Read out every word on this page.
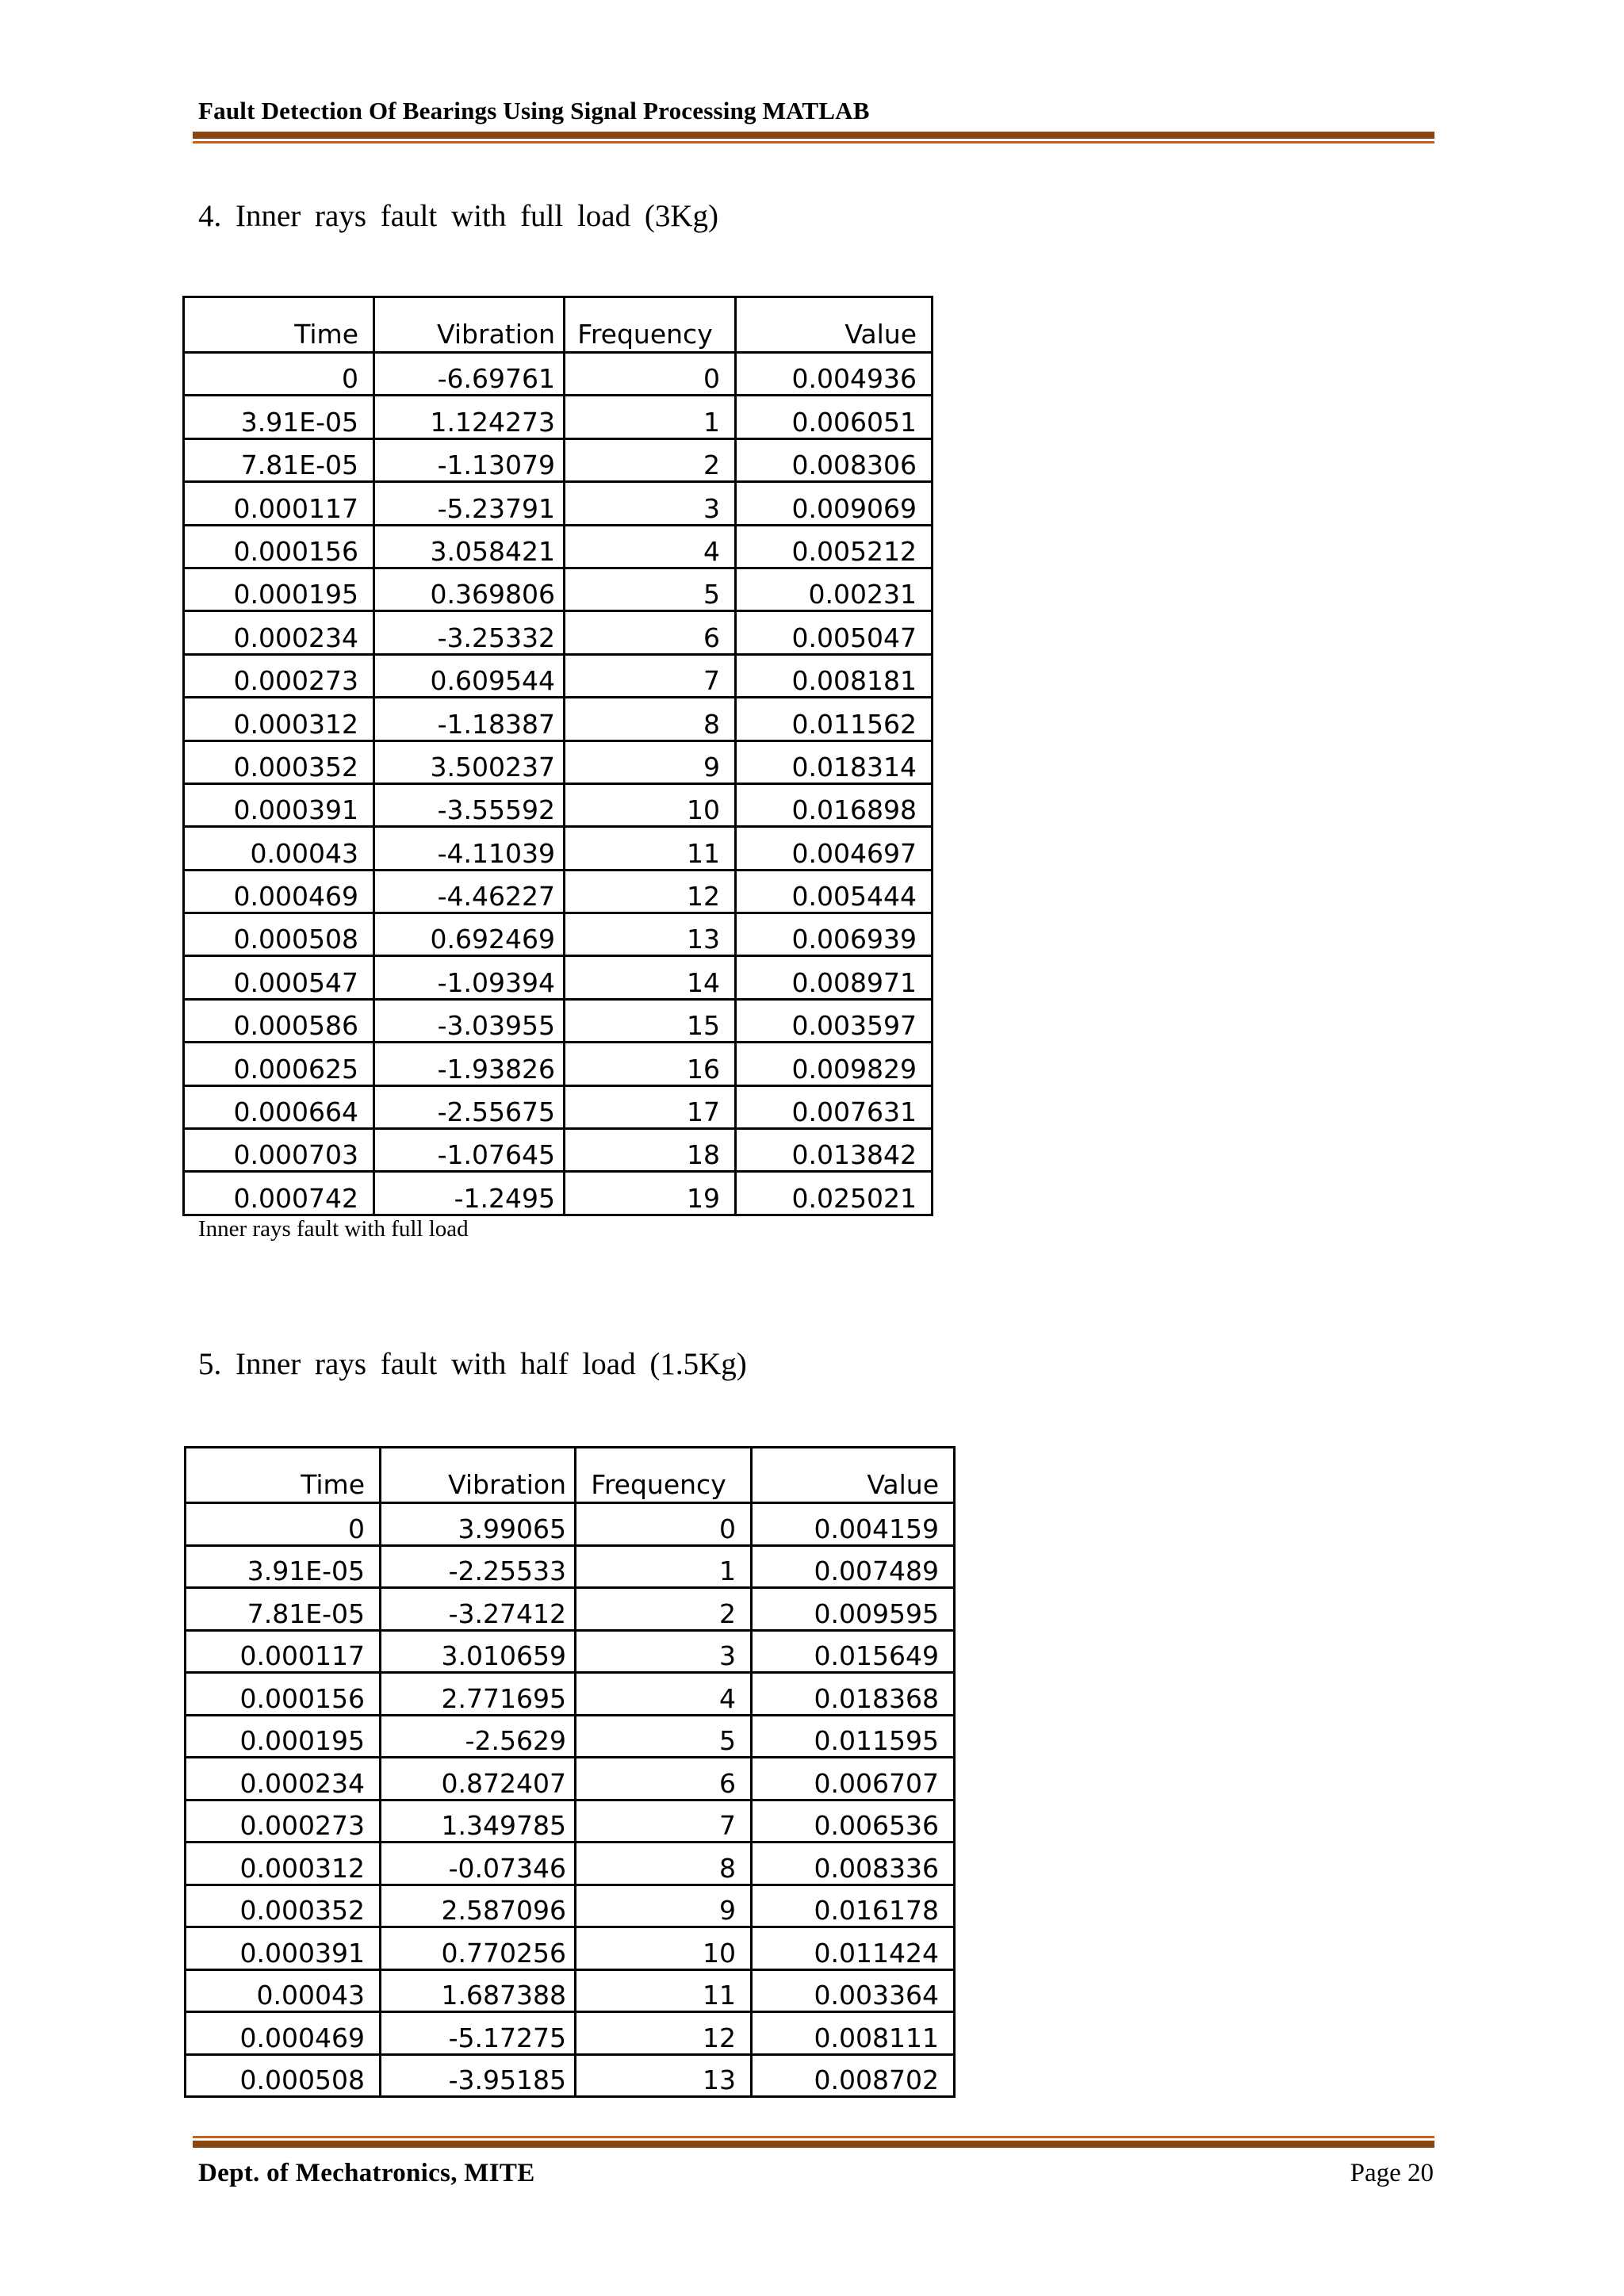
Fault Detection Of Bearings Using Signal Processing MATLAB
4. Inner rays fault with full load (3Kg)
Time	Vibration	Frequency	Value
0	-6.69761	0	0.004936
3.91E-05	1.124273	1	0.006051
7.81E-05	-1.13079	2	0.008306
0.000117	-5.23791	3	0.009069
0.000156	3.058421	4	0.005212
0.000195	0.369806	5	0.00231
0.000234	-3.25332	6	0.005047
0.000273	0.609544	7	0.008181
0.000312	-1.18387	8	0.011562
0.000352	3.500237	9	0.018314
0.000391	-3.55592	10	0.016898
0.00043	-4.11039	11	0.004697
0.000469	-4.46227	12	0.005444
0.000508	0.692469	13	0.006939
0.000547	-1.09394	14	0.008971
0.000586	-3.03955	15	0.003597
0.000625	-1.93826	16	0.009829
0.000664	-2.55675	17	0.007631
0.000703	-1.07645	18	0.013842
0.000742	-1.2495	19	0.025021
Inner rays fault with full load
5. Inner rays fault with half load (1.5Kg)
Time	Vibration	Frequency	Value
0	3.99065	0	0.004159
3.91E-05	-2.25533	1	0.007489
7.81E-05	-3.27412	2	0.009595
0.000117	3.010659	3	0.015649
0.000156	2.771695	4	0.018368
0.000195	-2.5629	5	0.011595
0.000234	0.872407	6	0.006707
0.000273	1.349785	7	0.006536
0.000312	-0.07346	8	0.008336
0.000352	2.587096	9	0.016178
0.000391	0.770256	10	0.011424
0.00043	1.687388	11	0.003364
0.000469	-5.17275	12	0.008111
0.000508	-3.95185	13	0.008702
Dept. of Mechatronics, MITE	Page 20
